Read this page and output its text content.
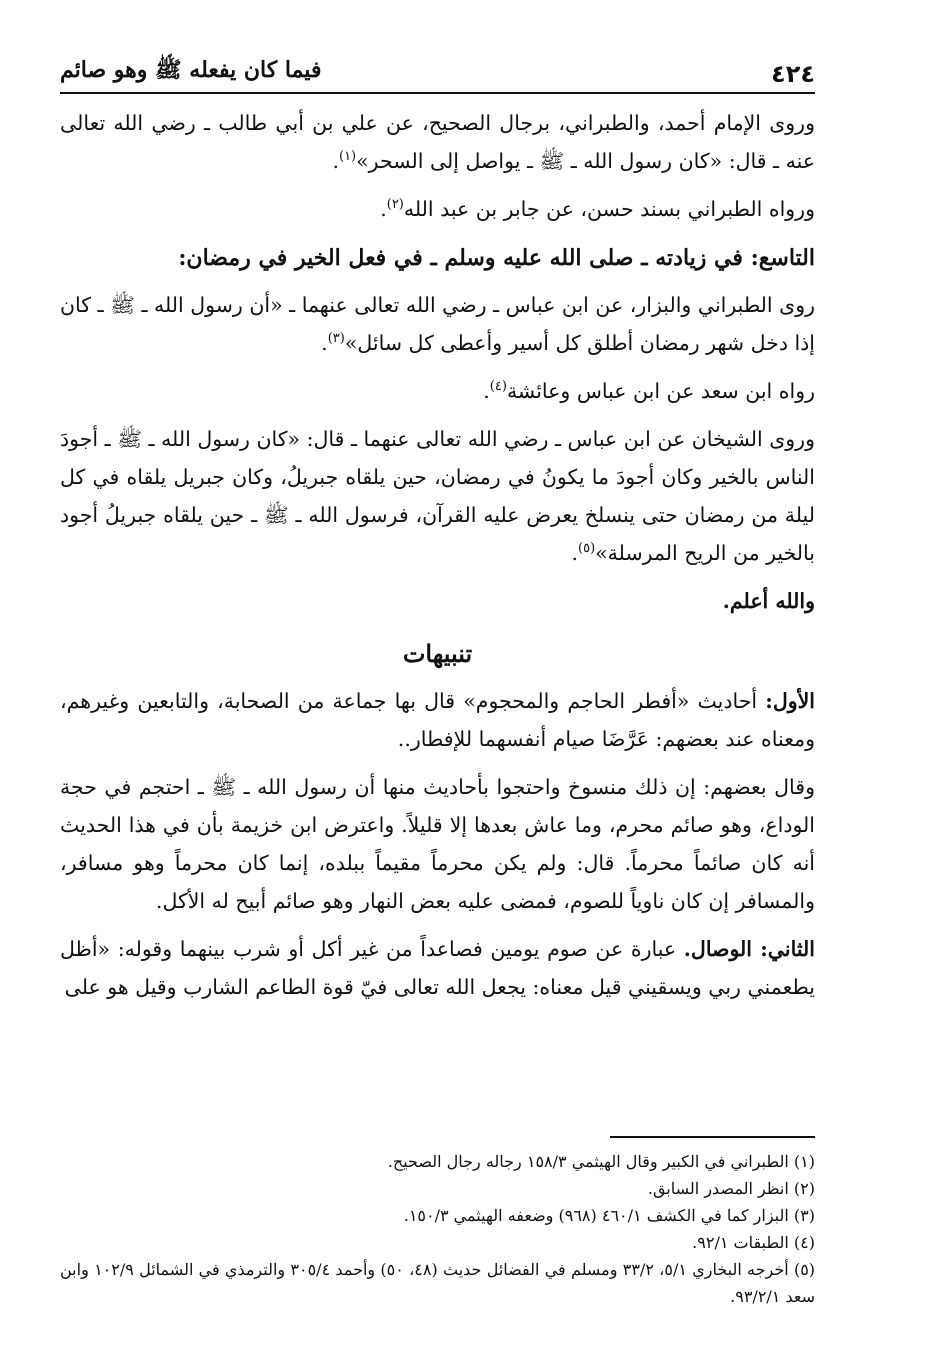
٤٢٤
فيما كان يفعله ﷺ وهو صائم

وروى الإمام أحمد، والطبراني، برجال الصحيح، عن علي بن أبي طالب ـ رضي الله تعالى عنه ـ قال: «كان رسول الله ـ ﷺ ـ يواصل إلى السحر»$^{(١)}$.

ورواه الطبراني بسند حسن، عن جابر بن عبد الله$^{(٢)}$.

التاسع: في زيادته ـ صلى الله عليه وسلم ـ في فعل الخير في رمضان:

روى الطبراني والبزار، عن ابن عباس ـ رضي الله تعالى عنهما ـ «أن رسول الله ـ ﷺ ـ كان إذا دخل شهر رمضان أطلق كل أسير وأعطى كل سائل»$^{(٣)}$.

رواه ابن سعد عن ابن عباس وعائشة$^{(٤)}$.

وروى الشيخان عن ابن عباس ـ رضي الله تعالى عنهما ـ قال: «كان رسول الله ـ ﷺ ـ أجودَ الناس بالخير وكان أجودَ ما يكونُ في رمضان، حين يلقاه جبريلُ، وكان جبريل يلقاه في كل ليلة من رمضان حتى ينسلخ يعرض عليه القرآن، فرسول الله ـ ﷺ ـ حين يلقاه جبريلُ أجود بالخير من الريح المرسلة»$^{(٥)}$.

والله أعلم.

تنبيهات

الأول: أحاديث «أفطر الحاجم والمحجوم» قال بها جماعة من الصحابة، والتابعين وغيرهم، ومعناه عند بعضهم: عَرَّضَا صيام أنفسهما للإفطار..

وقال بعضهم: إن ذلك منسوخ واحتجوا بأحاديث منها أن رسول الله ـ ﷺ ـ احتجم في حجة الوداع، وهو صائم محرم، وما عاش بعدها إلا قليلاً. واعترض ابن خزيمة بأن في هذا الحديث أنه كان صائماً محرماً. قال: ولم يكن محرماً مقيماً ببلده، إنما كان محرماً وهو مسافر، والمسافر إن كان ناوياً للصوم، فمضى عليه بعض النهار وهو صائم أبيح له الأكل.

الثاني: الوصال. عبارة عن صوم يومين فصاعداً من غير أكل أو شرب بينهما وقوله: «أظل يطعمني ربي ويسقيني قيل معناه: يجعل الله تعالى فيّ قوة الطاعم الشارب وقيل هو على

(١) الطبراني في الكبير وقال الهيثمي ١٥٨/٣ رجاله رجال الصحيح.

(٢) انظر المصدر السابق.

(٣) البزار كما في الكشف ٤٦٠/١ (٩٦٨) وضعفه الهيثمي ١٥٠/٣.

(٤) الطبقات ٩٢/١.

(٥) أخرجه البخاري ٥/١، ٣٣/٢ ومسلم في الفضائل حديث (٤٨، ٥٠) وأحمد ٣٠٥/٤ والترمذي في الشمائل ١٠٢/٩ وابن سعد ٩٣/٢/١.
